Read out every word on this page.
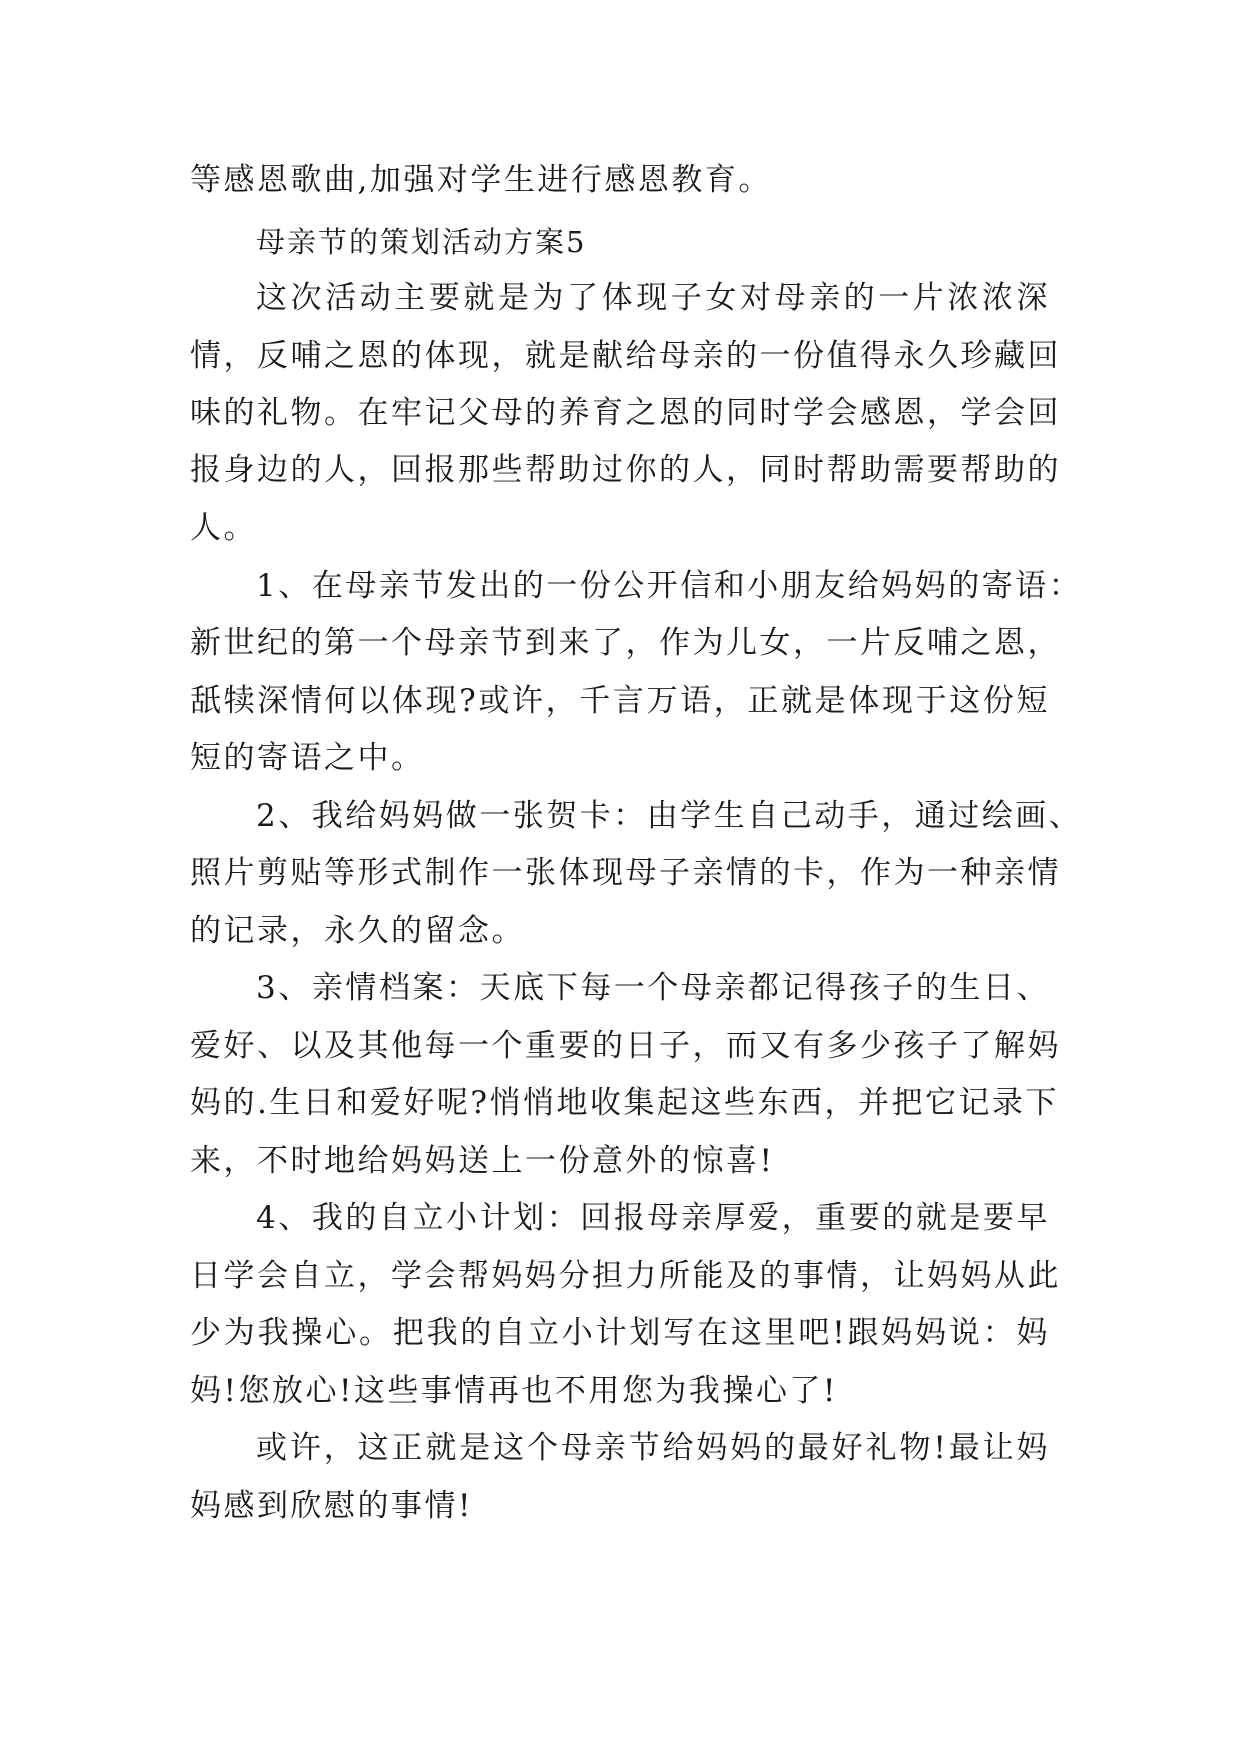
等感恩歌曲,加强对学生进行感恩教育。
母亲节的策划活动方案5
这次活动主要就是为了体现子女对母亲的一片浓浓深
情，反哺之恩的体现，就是献给母亲的一份值得永久珍藏回
味的礼物。在牢记父母的养育之恩的同时学会感恩，学会回
报身边的人，回报那些帮助过你的人，同时帮助需要帮助的
人。
1、在母亲节发出的一份公开信和小朋友给妈妈的寄语：
新世纪的第一个母亲节到来了，作为儿女，一片反哺之恩，
舐犊深情何以体现?或许，千言万语，正就是体现于这份短
短的寄语之中。
2、我给妈妈做一张贺卡：由学生自己动手，通过绘画、
照片剪贴等形式制作一张体现母子亲情的卡，作为一种亲情
的记录，永久的留念。
3、亲情档案：天底下每一个母亲都记得孩子的生日、
爱好、以及其他每一个重要的日子，而又有多少孩子了解妈
妈的.生日和爱好呢?悄悄地收集起这些东西，并把它记录下
来，不时地给妈妈送上一份意外的惊喜!
4、我的自立小计划：回报母亲厚爱，重要的就是要早
日学会自立，学会帮妈妈分担力所能及的事情，让妈妈从此
少为我操心。把我的自立小计划写在这里吧!跟妈妈说：妈
妈!您放心!这些事情再也不用您为我操心了!
或许，这正就是这个母亲节给妈妈的最好礼物!最让妈
妈感到欣慰的事情!
